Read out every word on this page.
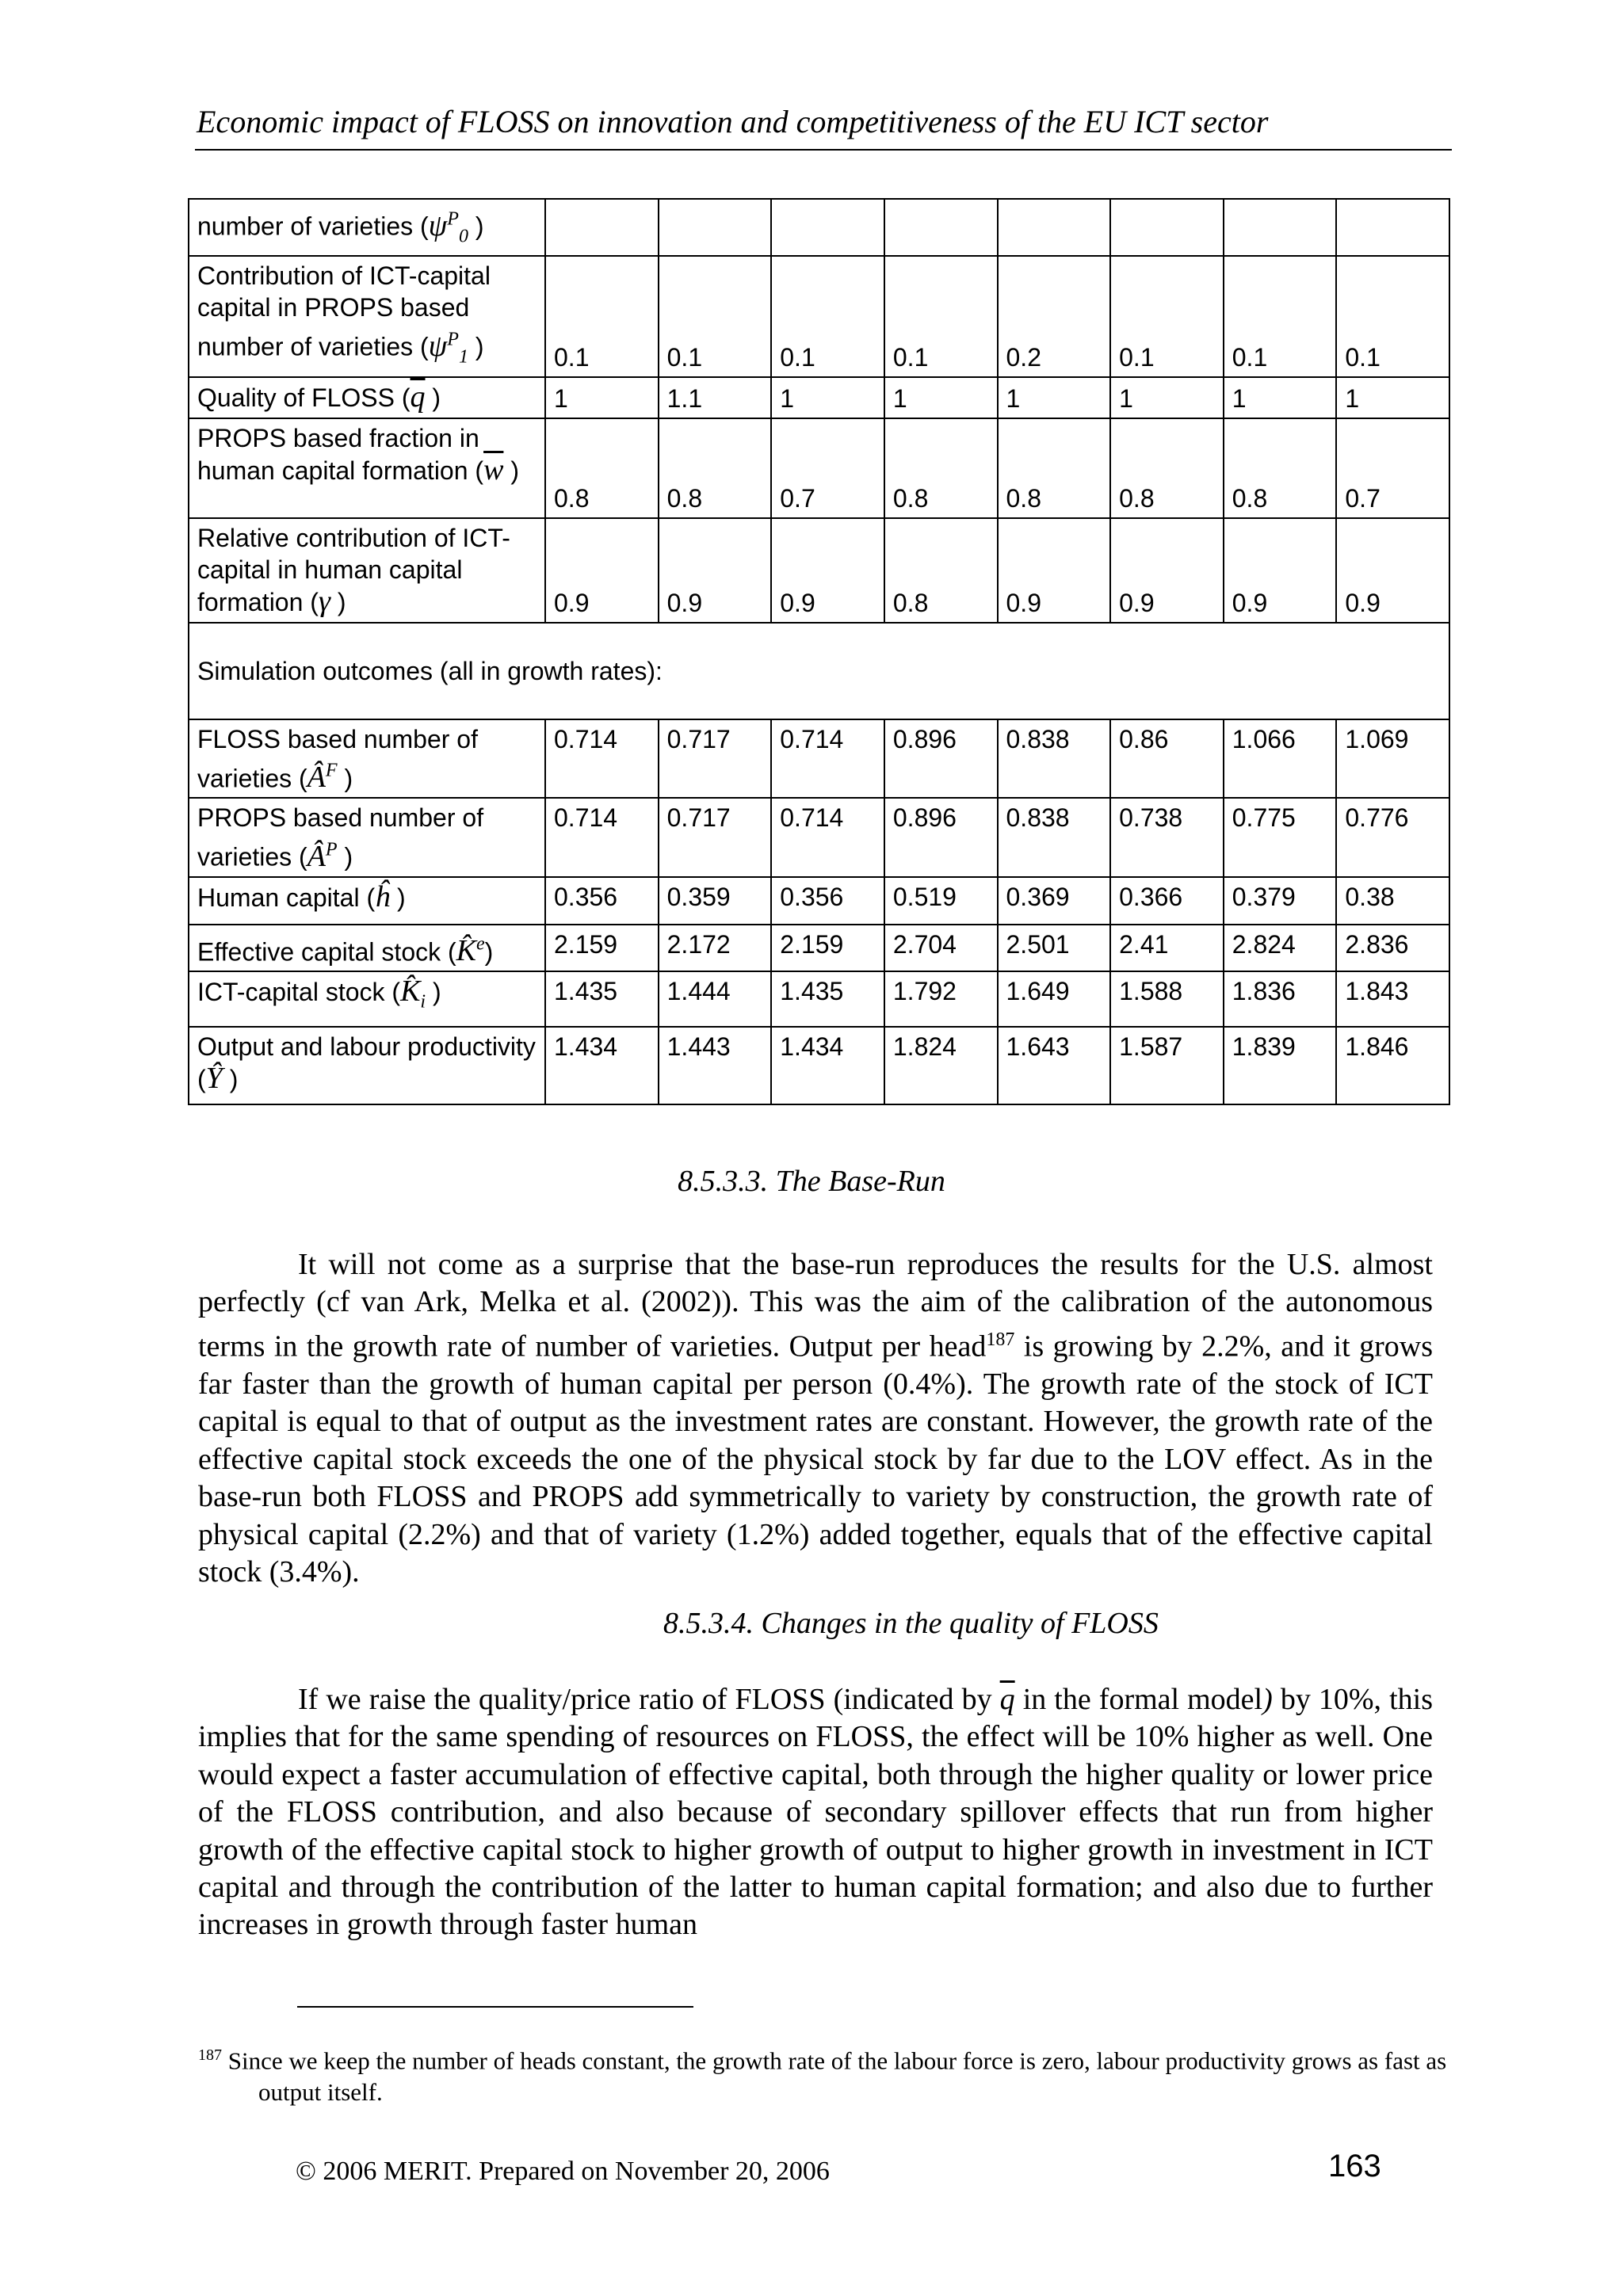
Economic impact of FLOSS on innovation and competitiveness of the EU ICT sector
number of varieties ($\psi^P_0$ )								
Contribution of ICT-capital capital in PROPS based number of varieties ($\psi^P_1$ )	0.1	0.1	0.1	0.1	0.2	0.1	0.1	0.1
Quality of FLOSS ($\overline{q}$ )	1	1.1	1	1	1	1	1	1
PROPS based fraction in human capital formation ($\overline{w}$ )	0.8	0.8	0.7	0.8	0.8	0.8	0.8	0.7
Relative contribution of ICT-capital in human capital formation (γ )	0.9	0.9	0.9	0.8	0.9	0.9	0.9	0.9
Simulation outcomes (all in growth rates):								
FLOSS based number of varieties ($Â^F$ )	0.714	0.717	0.714	0.896	0.838	0.86	1.066	1.069
PROPS based number of varieties ($Â^P$ )	0.714	0.717	0.714	0.896	0.838	0.738	0.775	0.776
Human capital (ĥ )	0.356	0.359	0.356	0.519	0.369	0.366	0.379	0.38
Effective capital stock (K̂$^e$)	2.159	2.172	2.159	2.704	2.501	2.41	2.824	2.836
ICT-capital stock ($K̂_i$ )	1.435	1.444	1.435	1.792	1.649	1.588	1.836	1.843
Output and labour productivity (Ŷ )	1.434	1.443	1.434	1.824	1.643	1.587	1.839	1.846
8.5.3.3. The Base-Run

It will not come as a surprise that the base-run reproduces the results for the U.S. almost perfectly (cf van Ark, Melka et al. (2002)). This was the aim of the calibration of the autonomous terms in the growth rate of number of varieties. Output per head$^{187}$ is growing by 2.2%, and it grows far faster than the growth of human capital per person (0.4%). The growth rate of the stock of ICT capital is equal to that of output as the investment rates are constant. However, the growth rate of the effective capital stock exceeds the one of the physical stock by far due to the LOV effect. As in the base-run both FLOSS and PROPS add symmetrically to variety by construction, the growth rate of physical capital (2.2%) and that of variety (1.2%) added together, equals that of the effective capital stock (3.4%).

8.5.3.4. Changes in the quality of FLOSS

If we raise the quality/price ratio of FLOSS (indicated by $\overline{q}$ in the formal model) by 10%, this implies that for the same spending of resources on FLOSS, the effect will be 10% higher as well. One would expect a faster accumulation of effective capital, both through the higher quality or lower price of the FLOSS contribution, and also because of secondary spillover effects that run from higher growth of the effective capital stock to higher growth of output to higher growth in investment in ICT capital and through the contribution of the latter to human capital formation; and also due to further increases in growth through faster human

$^{187}$ Since we keep the number of heads constant, the growth rate of the labour force is zero, labour productivity grows as fast as output itself.
© 2006 MERIT. Prepared on November 20, 2006	163
